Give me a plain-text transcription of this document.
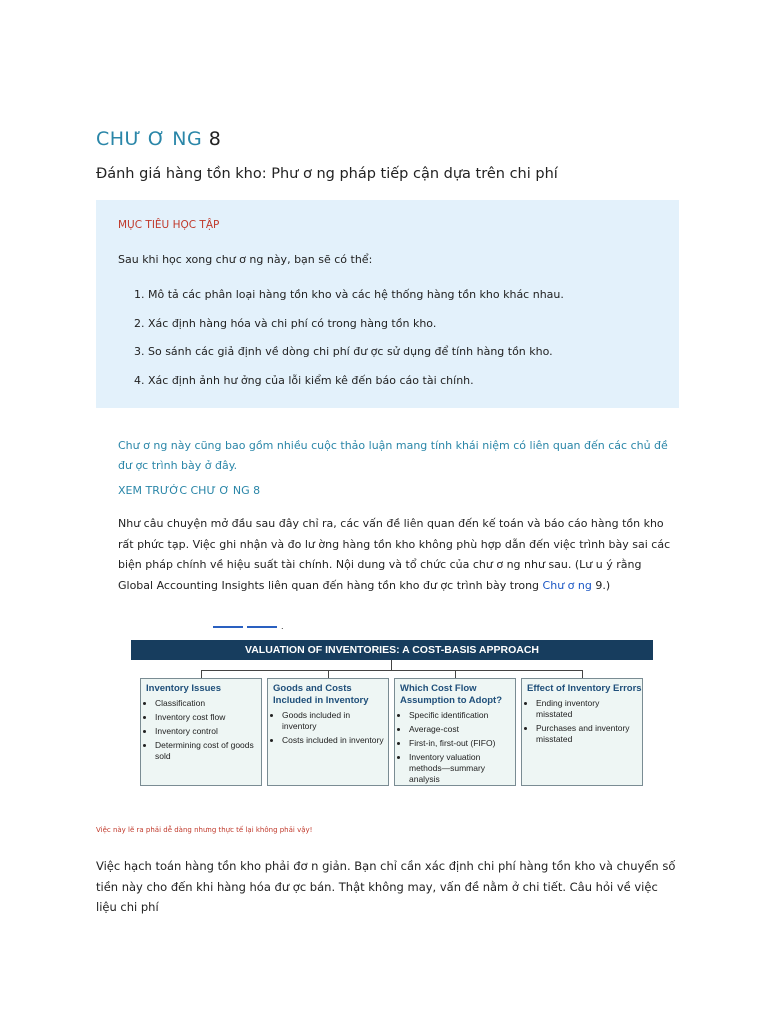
CHƯ Ơ NG 8
Đánh giá hàng tồn kho: Phư ơ ng pháp tiếp cận dựa trên chi phí
MỤC TIÊU HỌC TẬP
Sau khi học xong chư ơ ng này, bạn sẽ có thể:
1. Mô tả các phân loại hàng tồn kho và các hệ thống hàng tồn kho khác nhau.
2. Xác định hàng hóa và chi phí có trong hàng tồn kho.
3. So sánh các giả định về dòng chi phí đư ợc sử dụng để tính hàng tồn kho.
4. Xác định ảnh hư ởng của lỗi kiểm kê đến báo cáo tài chính.
Chư ơ ng này cũng bao gồm nhiều cuộc thảo luận mang tính khái niệm có liên quan đến các chủ đề đư ợc trình bày ở đây.
XEM TRƯỚC CHƯ Ơ NG 8
Như câu chuyện mở đầu sau đây chỉ ra, các vấn đề liên quan đến kế toán và báo cáo hàng tồn kho rất phức tạp. Việc ghi nhận và đo lư ờng hàng tồn kho không phù hợp dẫn đến việc trình bày sai các biện pháp chính về hiệu suất tài chính. Nội dung và tổ chức của chư ơ ng như sau. (Lư u ý rằng Global Accounting Insights liên quan đến hàng tồn kho đư ợc trình bày trong Chư ơ ng 9.)
.
VALUATION OF INVENTORIES: A COST-BASIS APPROACH
Inventory Issues
• Classification
• Inventory cost flow
• Inventory control
• Determining cost of goods sold
Goods and Costs Included in Inventory
• Goods included in inventory
• Costs included in inventory
Which Cost Flow Assumption to Adopt?
• Specific identification
• Average-cost
• First-in, first-out (FIFO)
• Inventory valuation methods—summary analysis
Effect of Inventory Errors
• Ending inventory misstated
• Purchases and inventory misstated
Việc này lẽ ra phải dễ dàng nhưng thực tế lại không phải vậy!
Việc hạch toán hàng tồn kho phải đơ n giản. Bạn chỉ cần xác định chi phí hàng tồn kho và chuyển số tiền này cho đến khi hàng hóa đư ợc bán. Thật không may, vấn đề nằm ở chi tiết. Câu hỏi về việc liệu chi phí
